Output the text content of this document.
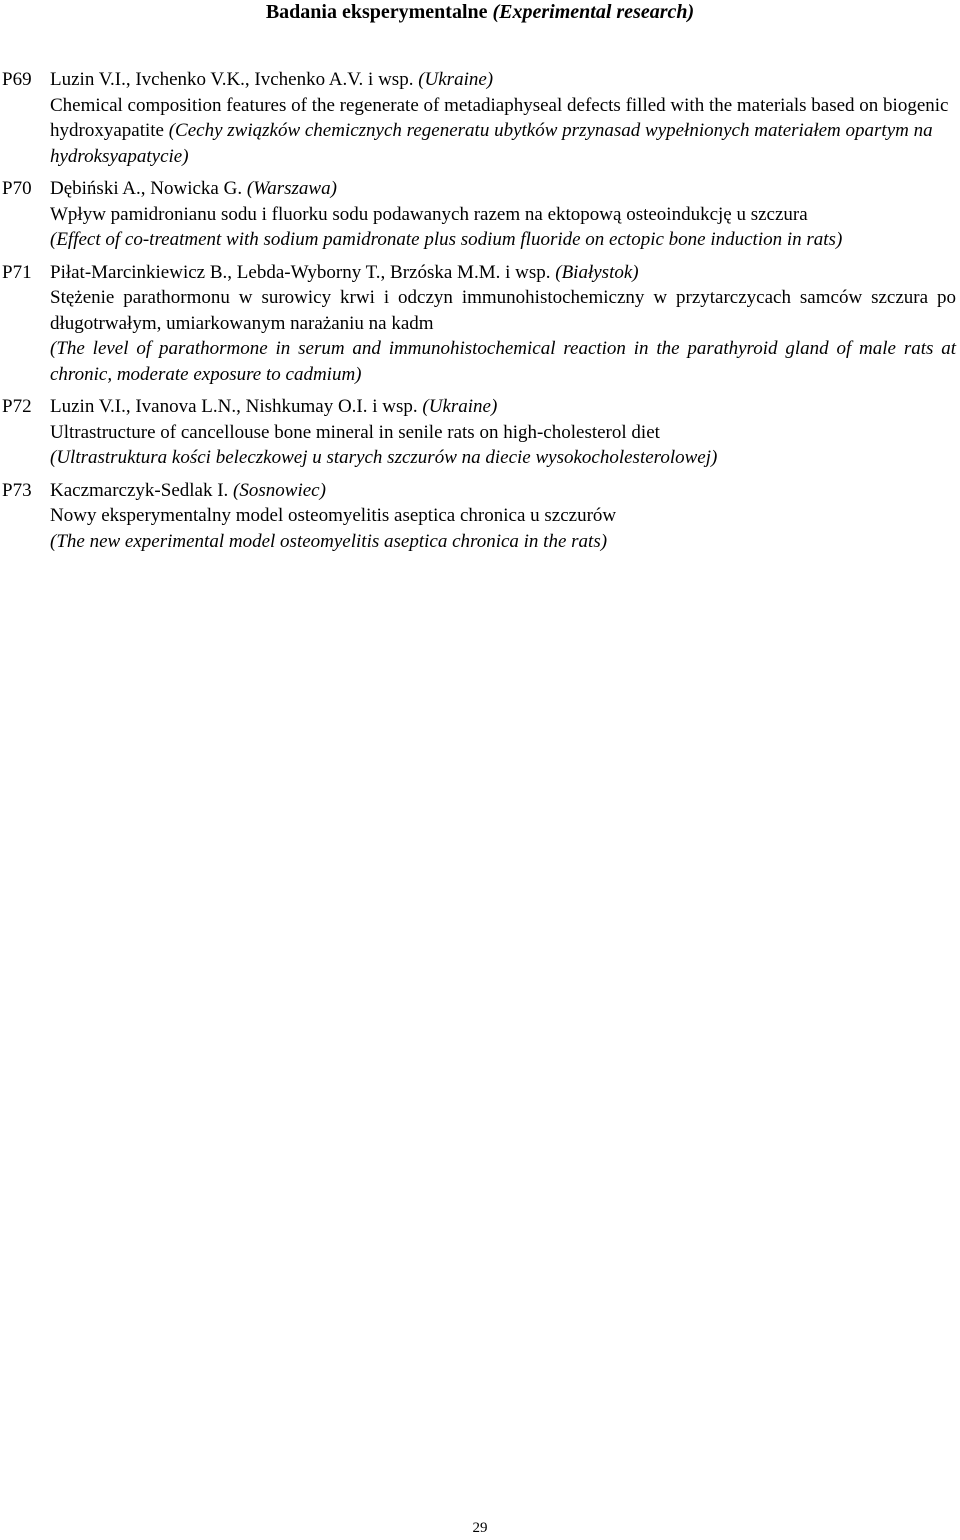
Badania eksperymentalne (Experimental research)
P69 Luzin V.I., Ivchenko V.K., Ivchenko A.V. i wsp. (Ukraine)
Chemical composition features of the regenerate of metadiaphyseal defects filled with the materials based on biogenic hydroxyapatite (Cechy związków chemicznych regeneratu ubytków przynasad wypełnionych materiałem opartym na hydroksyapatycie)
P70 Dębiński A., Nowicka G. (Warszawa)
Wpływ pamidronianu sodu i fluorku sodu podawanych razem na ektopową osteoindukcję u szczura
(Effect of co-treatment with sodium pamidronate plus sodium fluoride on ectopic bone induction in rats)
P71 Piłat-Marcinkiewicz B., Lebda-Wyborny T., Brzóska M.M. i wsp. (Białystok)
Stężenie parathormonu w surowicy krwi i odczyn immunohistochemiczny w przytarczycach samców szczura po długotrwałym, umiarkowanym narażaniu na kadm
(The level of parathormone in serum and immunohistochemical reaction in the parathyroid gland of male rats at chronic, moderate exposure to cadmium)
P72 Luzin V.I., Ivanova L.N., Nishkumay O.I. i wsp. (Ukraine)
Ultrastructure of cancellouse bone mineral in senile rats on high-cholesterol diet
(Ultrastruktura kości beleczkowej u starych szczurów na diecie wysokocholesterolowej)
P73 Kaczmarczyk-Sedlak I. (Sosnowiec)
Nowy eksperymentalny model osteomyelitis aseptica chronica u szczurów
(The new experimental model osteomyelitis aseptica chronica in the rats)
29
